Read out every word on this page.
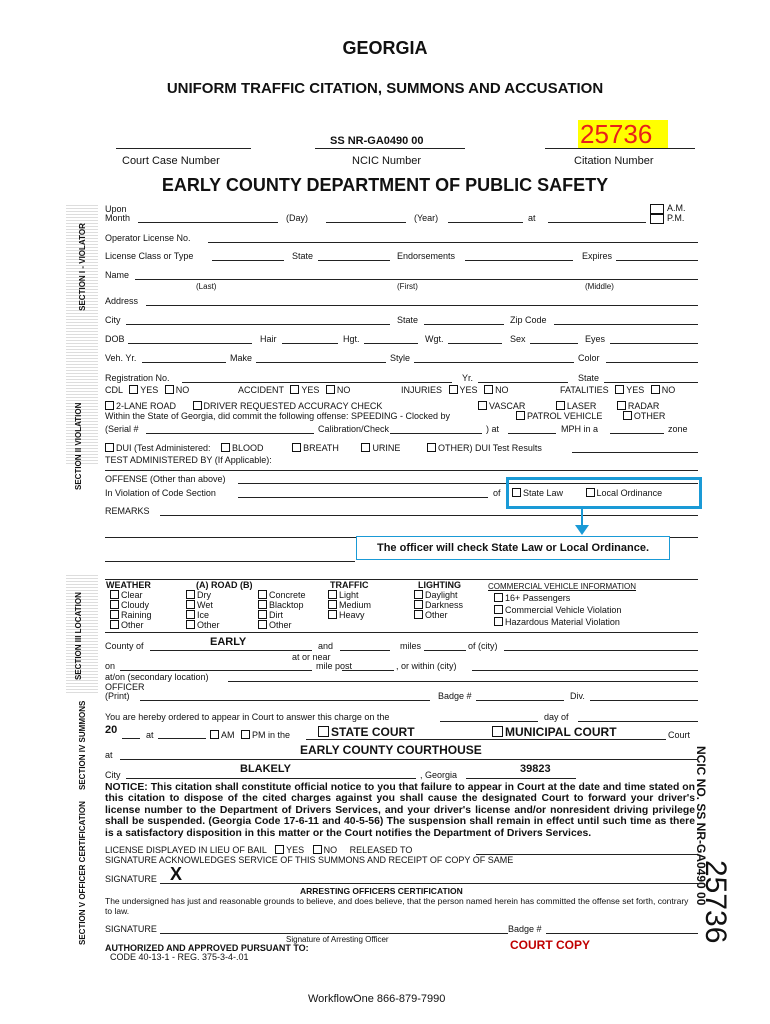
GEORGIA
UNIFORM TRAFFIC CITATION, SUMMONS AND ACCUSATION
Court Case Number
SS NR-GA0490 00
NCIC Number
25736
Citation Number
EARLY COUNTY DEPARTMENT OF PUBLIC SAFETY
SECTION I - VIOLATOR
SECTION II VIOLATION
SECTION III LOCATION
SECTION IV SUMMONS
SECTION V OFFICER CERTIFICATION
Upon
Month	(Day)	(Year)	at
A.M.
P.M.
Operator License No.
License Class or Type	State	Endorsements	Expires
Name
(Last)	(First)	(Middle)
Address
City	State	Zip Code
DOB	Hair	Hgt.	Wgt.	Sex	Eyes
Veh. Yr.	Make	Style	Color
Registration No.	Yr.	State
CDL YES NO	ACCIDENT YES NO	INJURIES YES NO	FATALITIES YES NO
2-LANE ROAD	DRIVER REQUESTED ACCURACY CHECK	VASCAR	LASER	RADAR
Within the State of Georgia, did commit the following offense: SPEEDING - Clocked by	PATROL VEHICLE	OTHER
(Serial #	Calibration/Check	) at	MPH in a	zone
DUI (Test Administered: BLOOD	BREATH	URINE	OTHER) DUI Test Results
TEST ADMINISTERED BY (If Applicable):
OFFENSE (Other than above)
In Violation of Code Section	of	State Law	Local Ordinance
REMARKS
The officer will check State Law or Local Ordinance.
WEATHER
Clear
Cloudy
Raining
Other
(A) ROAD (B)
Dry
Wet
Ice
Other
Concrete
Blacktop
Dirt
Other
TRAFFIC
Light
Medium
Heavy
LIGHTING
Daylight
Darkness
Other
COMMERCIAL VEHICLE INFORMATION
16+ Passengers
Commercial Vehicle Violation
Hazardous Material Violation
County of	EARLY	and	miles	of (city)
at or near
on	mile post	, or within (city)
at/on (secondary location)
OFFICER
(Print)	Badge #	Div.
You are hereby ordered to appear in Court to answer this charge on the	day of
20	at	AM PM in the	STATE COURT	MUNICIPAL COURT	Court
at	EARLY COUNTY COURTHOUSE
City	BLAKELY	, Georgia	39823
NOTICE: This citation shall constitute official notice to you that failure to appear in Court at the date and time stated on this citation to dispose of the cited charges against you shall cause the designated Court to forward your driver's license number to the Department of Drivers Services, and your driver's license and/or nonresident driving privilege shall be suspended. (Georgia Code 17-6-11 and 40-5-56) The suspension shall remain in effect until such time as there is a satisfactory disposition in this matter or the Court notifies the Department of Drivers Services.
LICENSE DISPLAYED IN LIEU OF BAIL YES NO RELEASED TO
SIGNATURE ACKNOWLEDGES SERVICE OF THIS SUMMONS AND RECEIPT OF COPY OF SAME
SIGNATURE X
ARRESTING OFFICERS CERTIFICATION
The undersigned has just and reasonable grounds to believe, and does believe, that the person named herein has committed the offense set forth, contrary to law.
SIGNATURE	Badge #
Signature of Arresting Officer
AUTHORIZED AND APPROVED PURSUANT TO:
CODE 40-13-1 - REG. 375-3-4-.01
COURT COPY
NCIC NO. SS NR-GA0490 00
25736
WorkflowOne 866-879-7990
